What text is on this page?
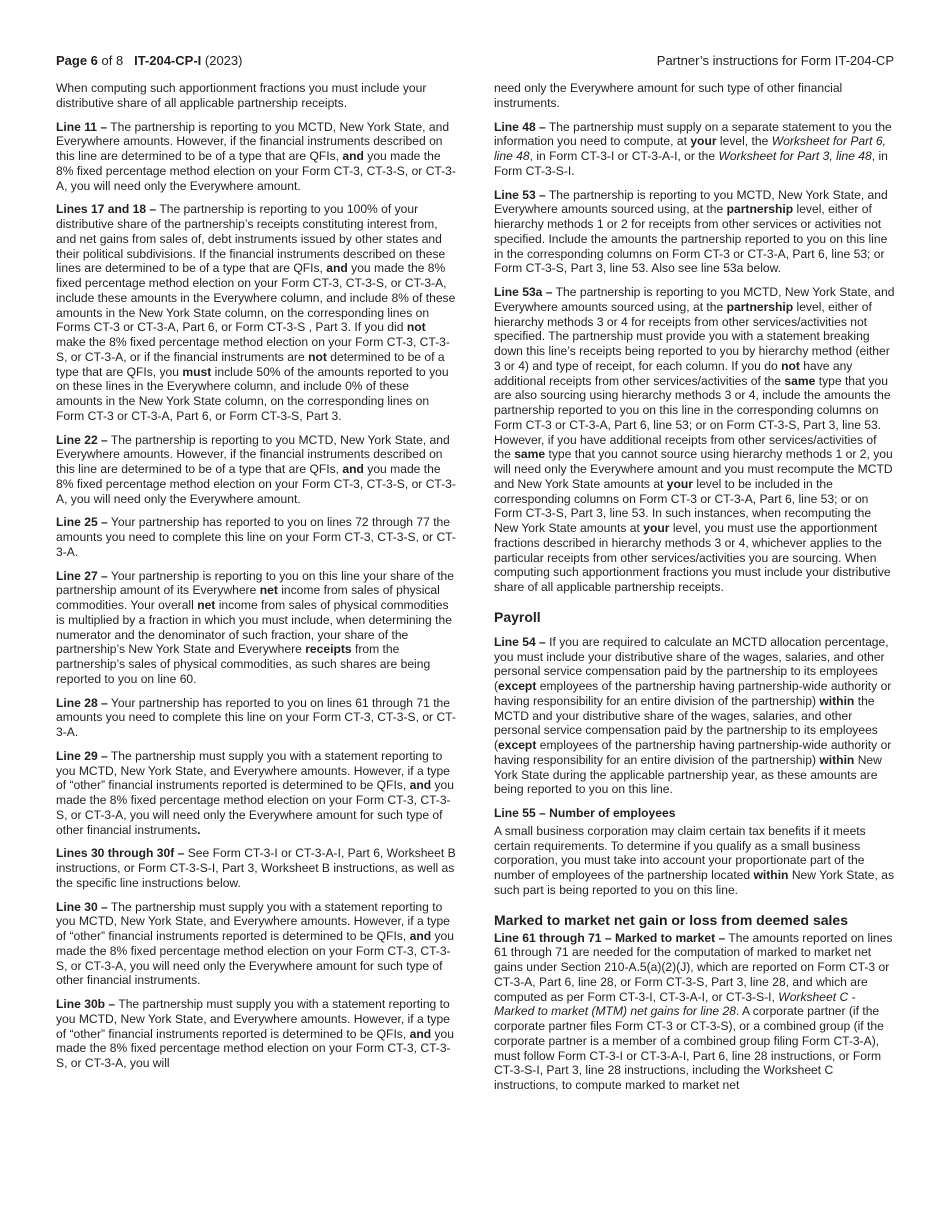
Page 6 of 8 IT-204-CP-I (2023)	Partner’s instructions for Form IT-204-CP

When computing such apportionment fractions you must include your distributive share of all applicable partnership receipts.

Line 11 – The partnership is reporting to you MCTD, New York State, and Everywhere amounts. However, if the financial instruments described on this line are determined to be of a type that are QFIs, and you made the 8% fixed percentage method election on your Form CT-3, CT-3-S, or CT-3-A, you will need only the Everywhere amount.

Lines 17 and 18 – The partnership is reporting to you 100% of your distributive share of the partnership’s receipts constituting interest from, and net gains from sales of, debt instruments issued by other states and their political subdivisions. If the financial instruments described on these lines are determined to be of a type that are QFIs, and you made the 8% fixed percentage method election on your Form CT-3, CT-3-S, or CT-3-A, include these amounts in the Everywhere column, and include 8% of these amounts in the New York State column, on the corresponding lines on Forms CT-3 or CT-3-A, Part 6, or Form CT-3-S , Part 3. If you did not make the 8% fixed percentage method election on your Form CT-3, CT-3-S, or CT-3-A, or if the financial instruments are not determined to be of a type that are QFIs, you must include 50% of the amounts reported to you on these lines in the Everywhere column, and include 0% of these amounts in the New York State column, on the corresponding lines on Form CT-3 or CT-3-A, Part 6, or Form CT-3-S, Part 3.

Line 22 – The partnership is reporting to you MCTD, New York State, and Everywhere amounts. However, if the financial instruments described on this line are determined to be of a type that are QFIs, and you made the 8% fixed percentage method election on your Form CT-3, CT-3-S, or CT-3-A, you will need only the Everywhere amount.

Line 25 – Your partnership has reported to you on lines 72 through 77 the amounts you need to complete this line on your Form CT-3, CT-3-S, or CT-3-A.

Line 27 – Your partnership is reporting to you on this line your share of the partnership amount of its Everywhere net income from sales of physical commodities. Your overall net income from sales of physical commodities is multiplied by a fraction in which you must include, when determining the numerator and the denominator of such fraction, your share of the partnership’s New York State and Everywhere receipts from the partnership’s sales of physical commodities, as such shares are being reported to you on line 60.

Line 28 – Your partnership has reported to you on lines 61 through 71 the amounts you need to complete this line on your Form CT-3, CT-3-S, or CT-3-A.

Line 29 – The partnership must supply you with a statement reporting to you MCTD, New York State, and Everywhere amounts. However, if a type of “other” financial instruments reported is determined to be QFIs, and you made the 8% fixed percentage method election on your Form CT-3, CT-3-S, or CT-3-A, you will need only the Everywhere amount for such type of other financial instruments.

Lines 30 through 30f – See Form CT-3-I or CT-3-A-I, Part 6, Worksheet B instructions, or Form CT-3-S-I, Part 3, Worksheet B instructions, as well as the specific line instructions below.

Line 30 – The partnership must supply you with a statement reporting to you MCTD, New York State, and Everywhere amounts. However, if a type of “other” financial instruments reported is determined to be QFIs, and you made the 8% fixed percentage method election on your Form CT-3, CT-3-S, or CT-3-A, you will need only the Everywhere amount for such type of other financial instruments.

Line 30b – The partnership must supply you with a statement reporting to you MCTD, New York State, and Everywhere amounts. However, if a type of “other” financial instruments reported is determined to be QFIs, and you made the 8% fixed percentage method election on your Form CT-3, CT-3-S, or CT-3-A, you will

need only the Everywhere amount for such type of other financial instruments.

Line 48 – The partnership must supply on a separate statement to you the information you need to compute, at your level, the Worksheet for Part 6, line 48, in Form CT-3-I or CT-3-A-I, or the Worksheet for Part 3, line 48, in Form CT-3-S-I.

Line 53 – The partnership is reporting to you MCTD, New York State, and Everywhere amounts sourced using, at the partnership level, either of hierarchy methods 1 or 2 for receipts from other services or activities not specified. Include the amounts the partnership reported to you on this line in the corresponding columns on Form CT-3 or CT-3-A, Part 6, line 53; or Form CT-3-S, Part 3, line 53. Also see line 53a below.

Line 53a – The partnership is reporting to you MCTD, New York State, and Everywhere amounts sourced using, at the partnership level, either of hierarchy methods 3 or 4 for receipts from other services/activities not specified. The partnership must provide you with a statement breaking down this line’s receipts being reported to you by hierarchy method (either 3 or 4) and type of receipt, for each column. If you do not have any additional receipts from other services/activities of the same type that you are also sourcing using hierarchy methods 3 or 4, include the amounts the partnership reported to you on this line in the corresponding columns on Form CT-3 or CT-3-A, Part 6, line 53; or on Form CT-3-S, Part 3, line 53. However, if you have additional receipts from other services/activities of the same type that you cannot source using hierarchy methods 1 or 2, you will need only the Everywhere amount and you must recompute the MCTD and New York State amounts at your level to be included in the corresponding columns on Form CT-3 or CT-3-A, Part 6, line 53; or on Form CT-3-S, Part 3, line 53. In such instances, when recomputing the New York State amounts at your level, you must use the apportionment fractions described in hierarchy methods 3 or 4, whichever applies to the particular receipts from other services/activities you are sourcing. When computing such apportionment fractions you must include your distributive share of all applicable partnership receipts.

Payroll

Line 54 – If you are required to calculate an MCTD allocation percentage, you must include your distributive share of the wages, salaries, and other personal service compensation paid by the partnership to its employees (except employees of the partnership having partnership-wide authority or having responsibility for an entire division of the partnership) within the MCTD and your distributive share of the wages, salaries, and other personal service compensation paid by the partnership to its employees (except employees of the partnership having partnership-wide authority or having responsibility for an entire division of the partnership) within New York State during the applicable partnership year, as these amounts are being reported to you on this line.

Line 55 – Number of employees

A small business corporation may claim certain tax benefits if it meets certain requirements. To determine if you qualify as a small business corporation, you must take into account your proportionate part of the number of employees of the partnership located within New York State, as such part is being reported to you on this line.

Marked to market net gain or loss from deemed sales

Line 61 through 71 – Marked to market – The amounts reported on lines 61 through 71 are needed for the computation of marked to market net gains under Section 210-A.5(a)(2)(J), which are reported on Form CT-3 or CT-3-A, Part 6, line 28, or Form CT-3-S, Part 3, line 28, and which are computed as per Form CT-3-I, CT-3-A-I, or CT-3-S-I, Worksheet C - Marked to market (MTM) net gains for line 28. A corporate partner (if the corporate partner files Form CT-3 or CT-3-S), or a combined group (if the corporate partner is a member of a combined group filing Form CT-3-A), must follow Form CT-3-I or CT-3-A-I, Part 6, line 28 instructions, or Form CT-3-S-I, Part 3, line 28 instructions, including the Worksheet C instructions, to compute marked to market net
